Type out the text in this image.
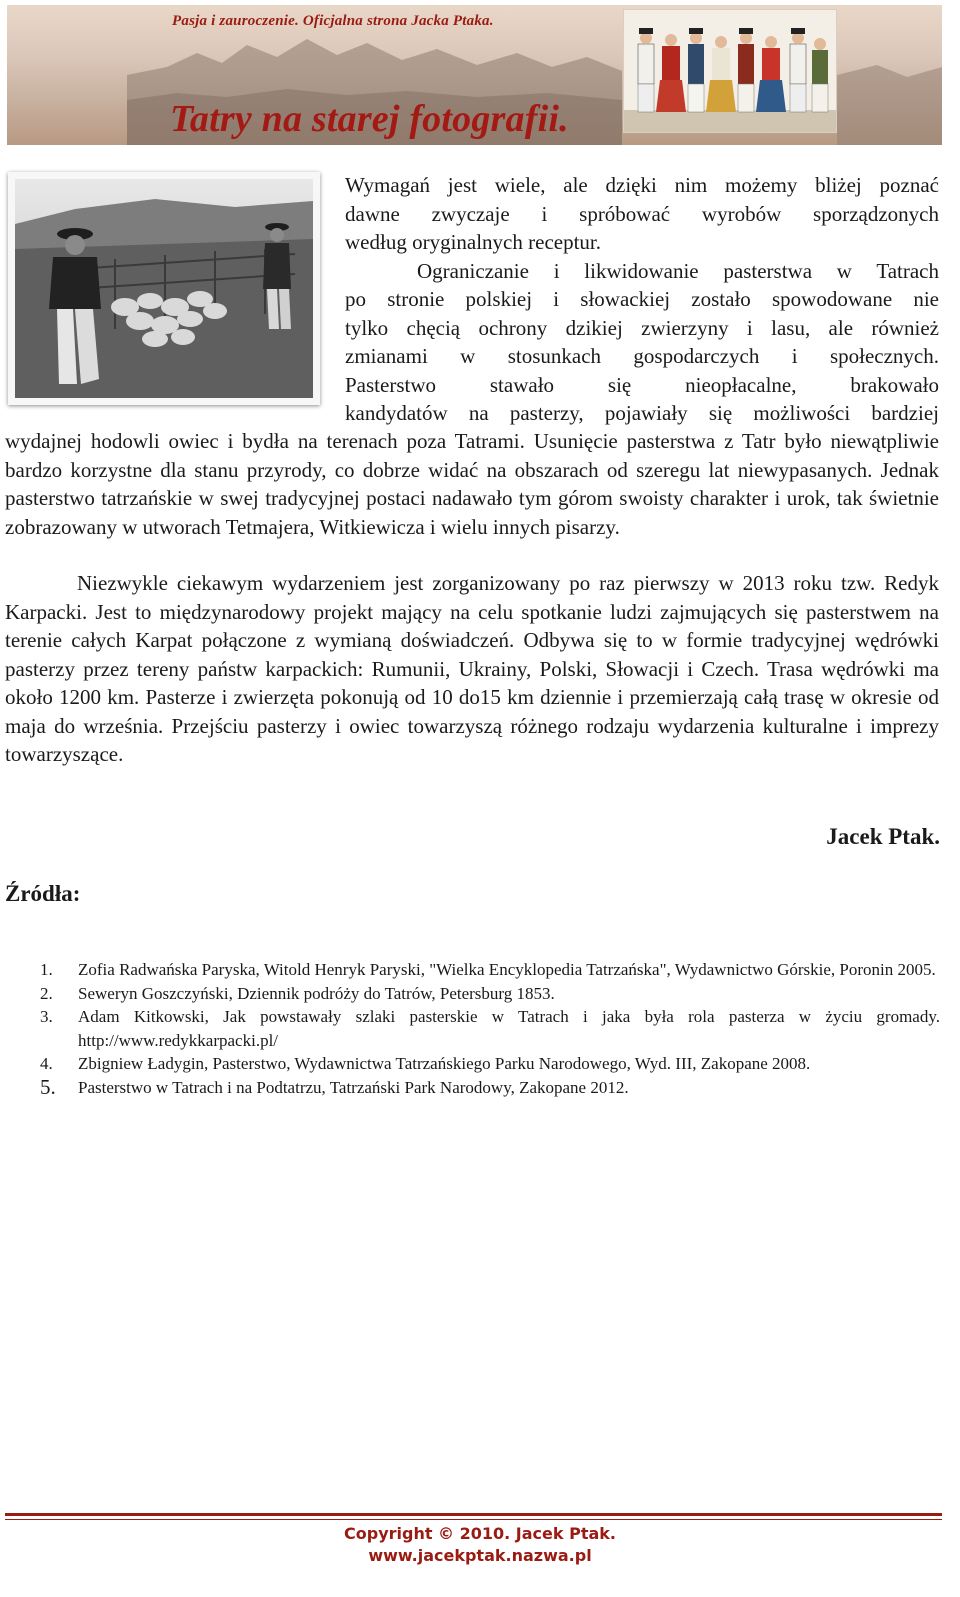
Pasja i zauroczenie. Oficjalna strona Jacka Ptaka.
Tatry na starej fotografii.
Wymagań jest wiele, ale dzięki nim możemy bliżej poznać
dawne zwyczaje i spróbować wyrobów sporządzonych
według oryginalnych receptur.
Ograniczanie i likwidowanie pasterstwa w Tatrach
po stronie polskiej i słowackiej zostało spowodowane nie
tylko chęcią ochrony dzikiej zwierzyny i lasu, ale również
zmianami w stosunkach gospodarczych i społecznych.
Pasterstwo stawało się nieopłacalne, brakowało
kandydatów na pasterzy, pojawiały się możliwości bardziej

wydajnej hodowli owiec i bydła na terenach poza Tatrami. Usunięcie pasterstwa z Tatr było niewątpliwie bardzo korzystne dla stanu przyrody, co dobrze widać na obszarach od szeregu lat niewypasanych. Jednak pasterstwo tatrzańskie w swej tradycyjnej postaci nadawało tym górom swoisty charakter i urok, tak świetnie zobrazowany w utworach Tetmajera, Witkiewicza i wielu innych pisarzy.

Niezwykle ciekawym wydarzeniem jest zorganizowany po raz pierwszy w 2013 roku tzw. Redyk Karpacki. Jest to międzynarodowy projekt mający na celu spotkanie ludzi zajmujących się pasterstwem na terenie całych Karpat połączone z wymianą doświadczeń. Odbywa się to w formie tradycyjnej wędrówki pasterzy przez tereny państw karpackich: Rumunii, Ukrainy, Polski, Słowacji i Czech. Trasa wędrówki ma około 1200 km. Pasterze i zwierzęta pokonują od 10 do15 km dziennie i przemierzają całą trasę w okresie od maja do września. Przejściu pasterzy i owiec towarzyszą różnego rodzaju wydarzenia kulturalne i imprezy towarzyszące.

Jacek Ptak.
Źródła:
1. Zofia Radwańska Paryska, Witold Henryk Paryski, "Wielka Encyklopedia Tatrzańska", Wydawnictwo Górskie, Poronin 2005.
2. Seweryn Goszczyński, Dziennik podróży do Tatrów, Petersburg 1853.
3. Adam Kitkowski, Jak powstawały szlaki pasterskie w Tatrach i jaka była rola pasterza w życiu gromady. http://www.redykkarpacki.pl/
4. Zbigniew Ładygin, Pasterstwo, Wydawnictwa Tatrzańskiego Parku Narodowego, Wyd. III, Zakopane 2008.
5. Pasterstwo w Tatrach i na Podtatrzu, Tatrzański Park Narodowy, Zakopane 2012.
Copyright © 2010. Jacek Ptak.
www.jacekptak.nazwa.pl
